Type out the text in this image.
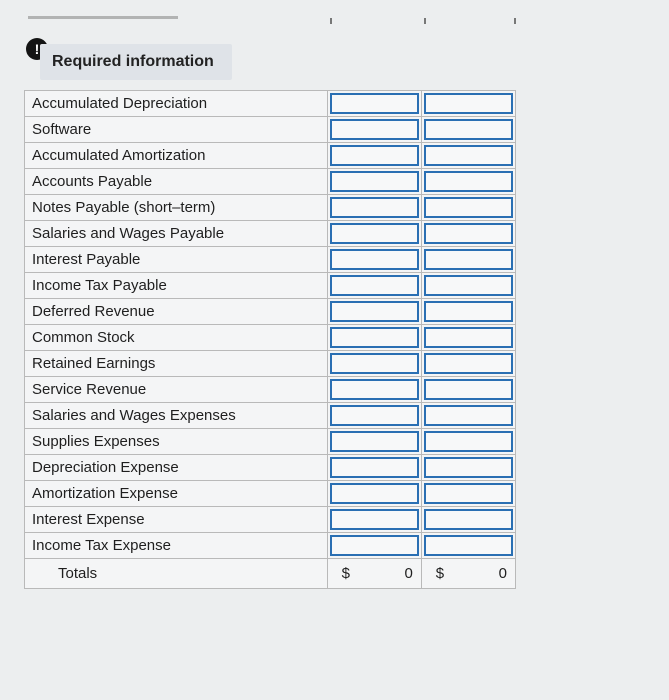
!
Required information
Accumulated Depreciation	

Software	

Accumulated Amortization	

Accounts Payable	

Notes Payable (short–term)	

Salaries and Wages Payable	

Interest Payable	

Income Tax Payable	

Deferred Revenue	

Common Stock	

Retained Earnings	

Service Revenue	

Salaries and Wages Expenses	

Supplies Expenses	

Depreciation Expense	

Amortization Expense	

Interest Expense	

Income Tax Expense	

Totals	$ 0	$ 0
